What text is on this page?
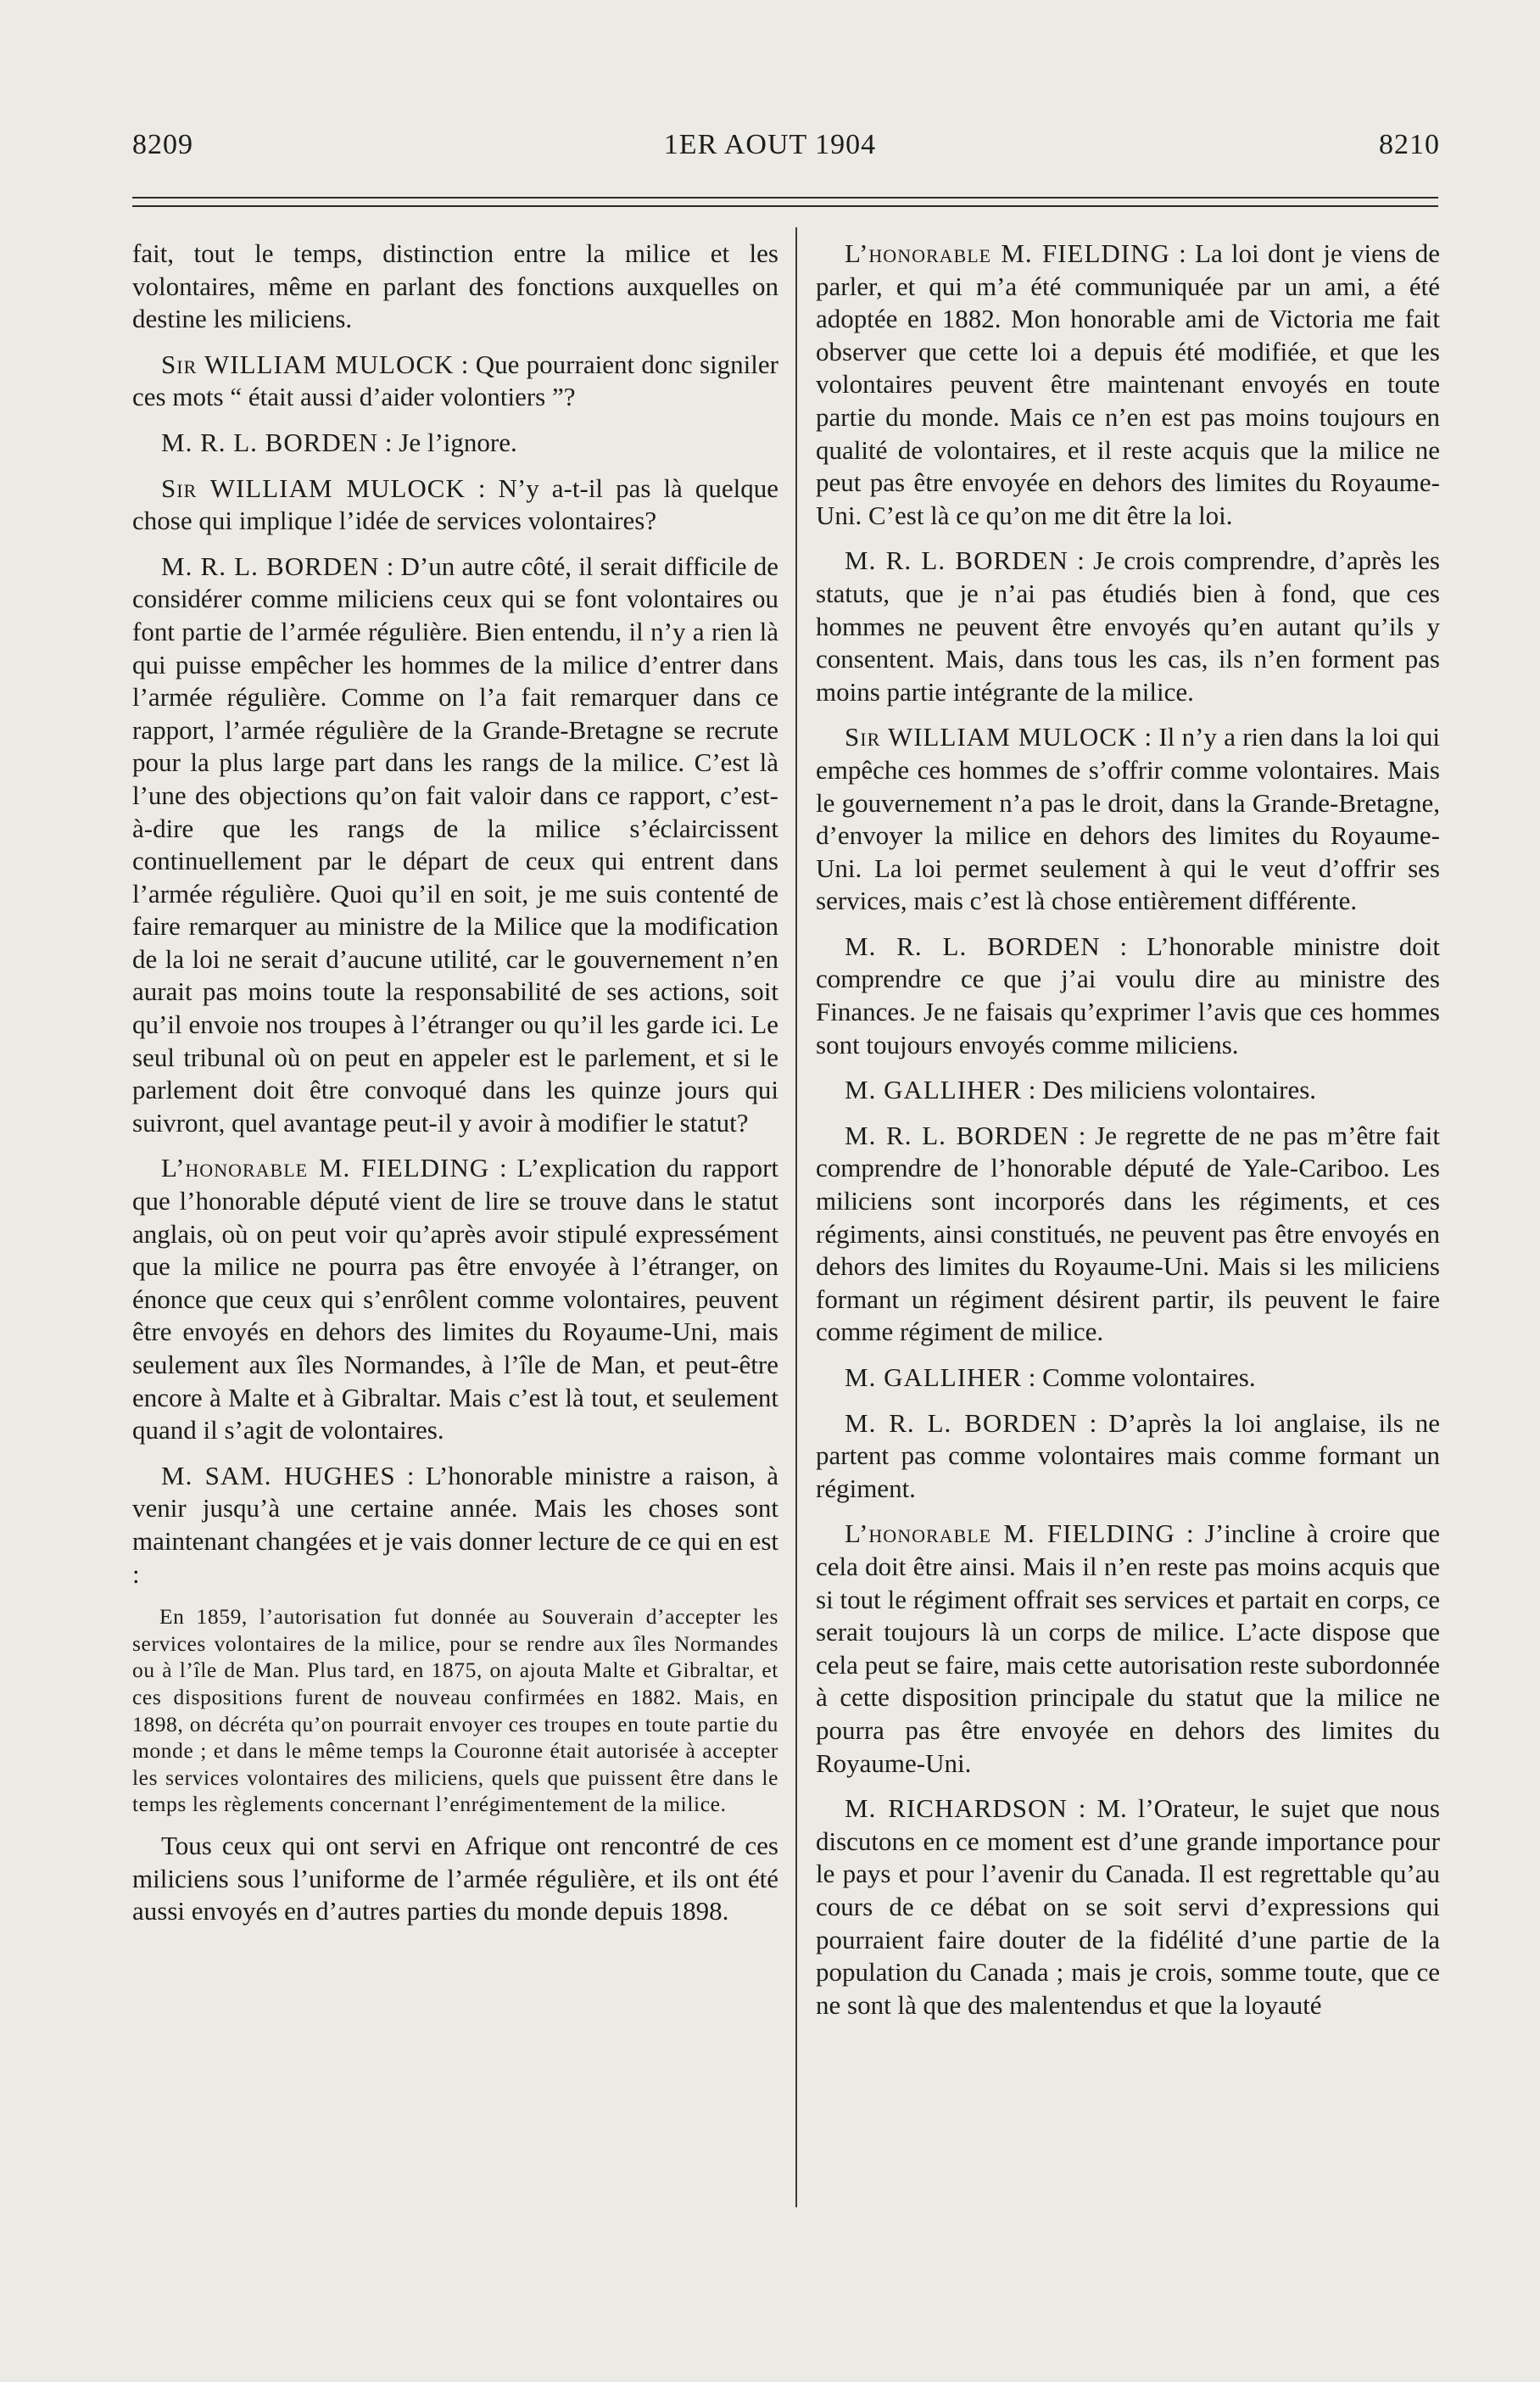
8209	1ER AOUT 1904	8210

fait, tout le temps, distinction entre la milice et les volontaires, même en parlant des fonctions auxquelles on destine les miliciens.

Sir WILLIAM MULOCK : Que pourraient donc signiler ces mots “ était aussi d’aider volontiers ”?

M. R. L. BORDEN : Je l’ignore.

Sir WILLIAM MULOCK : N’y a-t-il pas là quelque chose qui implique l’idée de services volontaires?

M. R. L. BORDEN : D’un autre côté, il serait difficile de considérer comme miliciens ceux qui se font volontaires ou font partie de l’armée régulière. Bien entendu, il n’y a rien là qui puisse empêcher les hommes de la milice d’entrer dans l’armée régulière. Comme on l’a fait remarquer dans ce rapport, l’armée régulière de la Grande-Bretagne se recrute pour la plus large part dans les rangs de la milice. C’est là l’une des objections qu’on fait valoir dans ce rapport, c’est-à-dire que les rangs de la milice s’éclaircissent continuellement par le départ de ceux qui entrent dans l’armée régulière. Quoi qu’il en soit, je me suis contenté de faire remarquer au ministre de la Milice que la modification de la loi ne serait d’aucune utilité, car le gouvernement n’en aurait pas moins toute la responsabilité de ses actions, soit qu’il envoie nos troupes à l’étranger ou qu’il les garde ici. Le seul tribunal où on peut en appeler est le parlement, et si le parlement doit être convoqué dans les quinze jours qui suivront, quel avantage peut-il y avoir à modifier le statut?

L’honorable M. FIELDING : L’explication du rapport que l’honorable député vient de lire se trouve dans le statut anglais, où on peut voir qu’après avoir stipulé expressément que la milice ne pourra pas être envoyée à l’étranger, on énonce que ceux qui s’enrôlent comme volontaires, peuvent être envoyés en dehors des limites du Royaume-Uni, mais seulement aux îles Normandes, à l’île de Man, et peut-être encore à Malte et à Gibraltar. Mais c’est là tout, et seulement quand il s’agit de volontaires.

M. SAM. HUGHES : L’honorable ministre a raison, à venir jusqu’à une certaine année. Mais les choses sont maintenant changées et je vais donner lecture de ce qui en est :

En 1859, l’autorisation fut donnée au Souverain d’accepter les services volontaires de la milice, pour se rendre aux îles Normandes ou à l’île de Man. Plus tard, en 1875, on ajouta Malte et Gibraltar, et ces dispositions furent de nouveau confirmées en 1882. Mais, en 1898, on décréta qu’on pourrait envoyer ces troupes en toute partie du monde ; et dans le même temps la Couronne était autorisée à accepter les services volontaires des miliciens, quels que puissent être dans le temps les règlements concernant l’enrégimentement de la milice.

Tous ceux qui ont servi en Afrique ont rencontré de ces miliciens sous l’uniforme de l’armée régulière, et ils ont été aussi envoyés en d’autres parties du monde depuis 1898.

L’honorable M. FIELDING : La loi dont je viens de parler, et qui m’a été communiquée par un ami, a été adoptée en 1882. Mon honorable ami de Victoria me fait observer que cette loi a depuis été modifiée, et que les volontaires peuvent être maintenant envoyés en toute partie du monde. Mais ce n’en est pas moins toujours en qualité de volontaires, et il reste acquis que la milice ne peut pas être envoyée en dehors des limites du Royaume-Uni. C’est là ce qu’on me dit être la loi.

M. R. L. BORDEN : Je crois comprendre, d’après les statuts, que je n’ai pas étudiés bien à fond, que ces hommes ne peuvent être envoyés qu’en autant qu’ils y consentent. Mais, dans tous les cas, ils n’en forment pas moins partie intégrante de la milice.

Sir WILLIAM MULOCK : Il n’y a rien dans la loi qui empêche ces hommes de s’offrir comme volontaires. Mais le gouvernement n’a pas le droit, dans la Grande-Bretagne, d’envoyer la milice en dehors des limites du Royaume-Uni. La loi permet seulement à qui le veut d’offrir ses services, mais c’est là chose entièrement différente.

M. R. L. BORDEN : L’honorable ministre doit comprendre ce que j’ai voulu dire au ministre des Finances. Je ne faisais qu’exprimer l’avis que ces hommes sont toujours envoyés comme miliciens.

M. GALLIHER : Des miliciens volontaires.

M. R. L. BORDEN : Je regrette de ne pas m’être fait comprendre de l’honorable député de Yale-Cariboo. Les miliciens sont incorporés dans les régiments, et ces régiments, ainsi constitués, ne peuvent pas être envoyés en dehors des limites du Royaume-Uni. Mais si les miliciens formant un régiment désirent partir, ils peuvent le faire comme régiment de milice.

M. GALLIHER : Comme volontaires.

M. R. L. BORDEN : D’après la loi anglaise, ils ne partent pas comme volontaires mais comme formant un régiment.

L’honorable M. FIELDING : J’incline à croire que cela doit être ainsi. Mais il n’en reste pas moins acquis que si tout le régiment offrait ses services et partait en corps, ce serait toujours là un corps de milice. L’acte dispose que cela peut se faire, mais cette autorisation reste subordonnée à cette disposition principale du statut que la milice ne pourra pas être envoyée en dehors des limites du Royaume-Uni.

M. RICHARDSON : M. l’Orateur, le sujet que nous discutons en ce moment est d’une grande importance pour le pays et pour l’avenir du Canada. Il est regrettable qu’au cours de ce débat on se soit servi d’expressions qui pourraient faire douter de la fidélité d’une partie de la population du Canada ; mais je crois, somme toute, que ce ne sont là que des malentendus et que la loyauté
